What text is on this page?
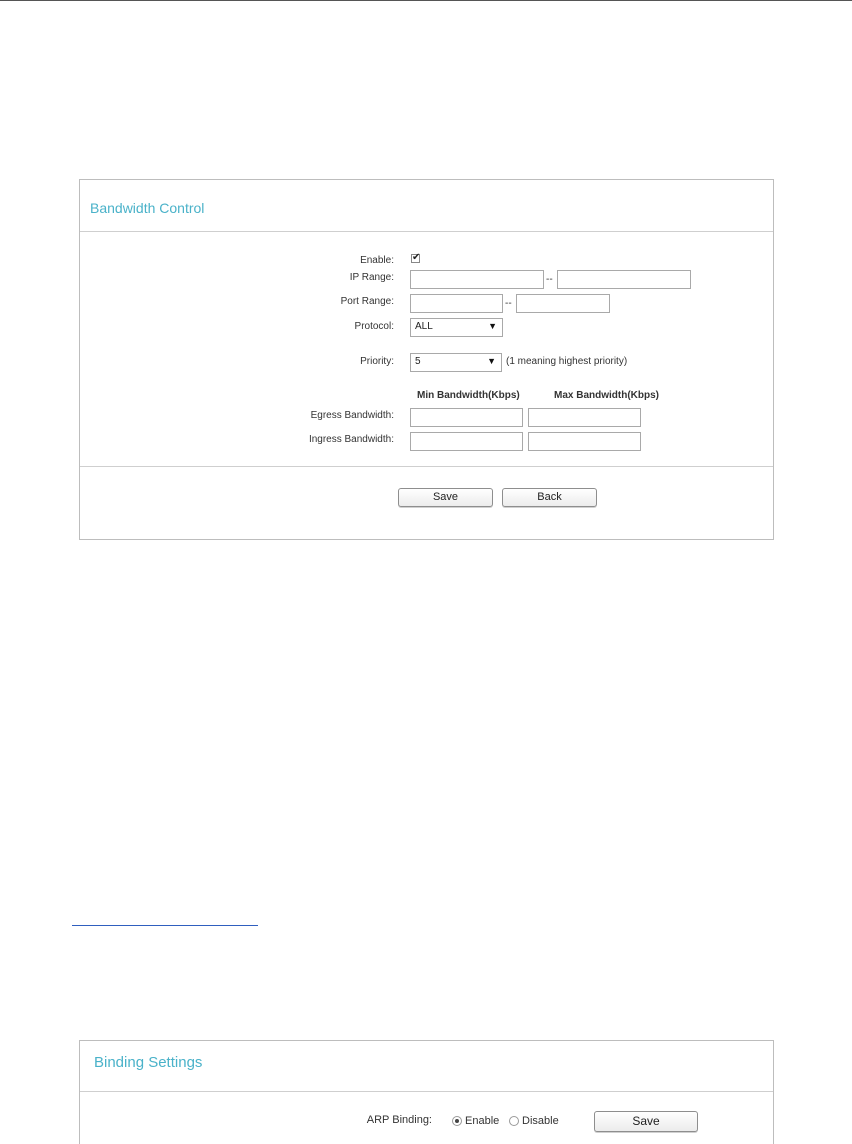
Bandwidth Control
Enable: ✔
IP Range:	--
Port Range:	--
Protocol:	ALL	▼
Priority:	5	▼ (1 meaning highest priority)
Min Bandwidth(Kbps)	Max Bandwidth(Kbps)
Egress Bandwidth:
Ingress Bandwidth:
Save	Back
Binding Settings
ARP Binding:	Enable Disable	Save
